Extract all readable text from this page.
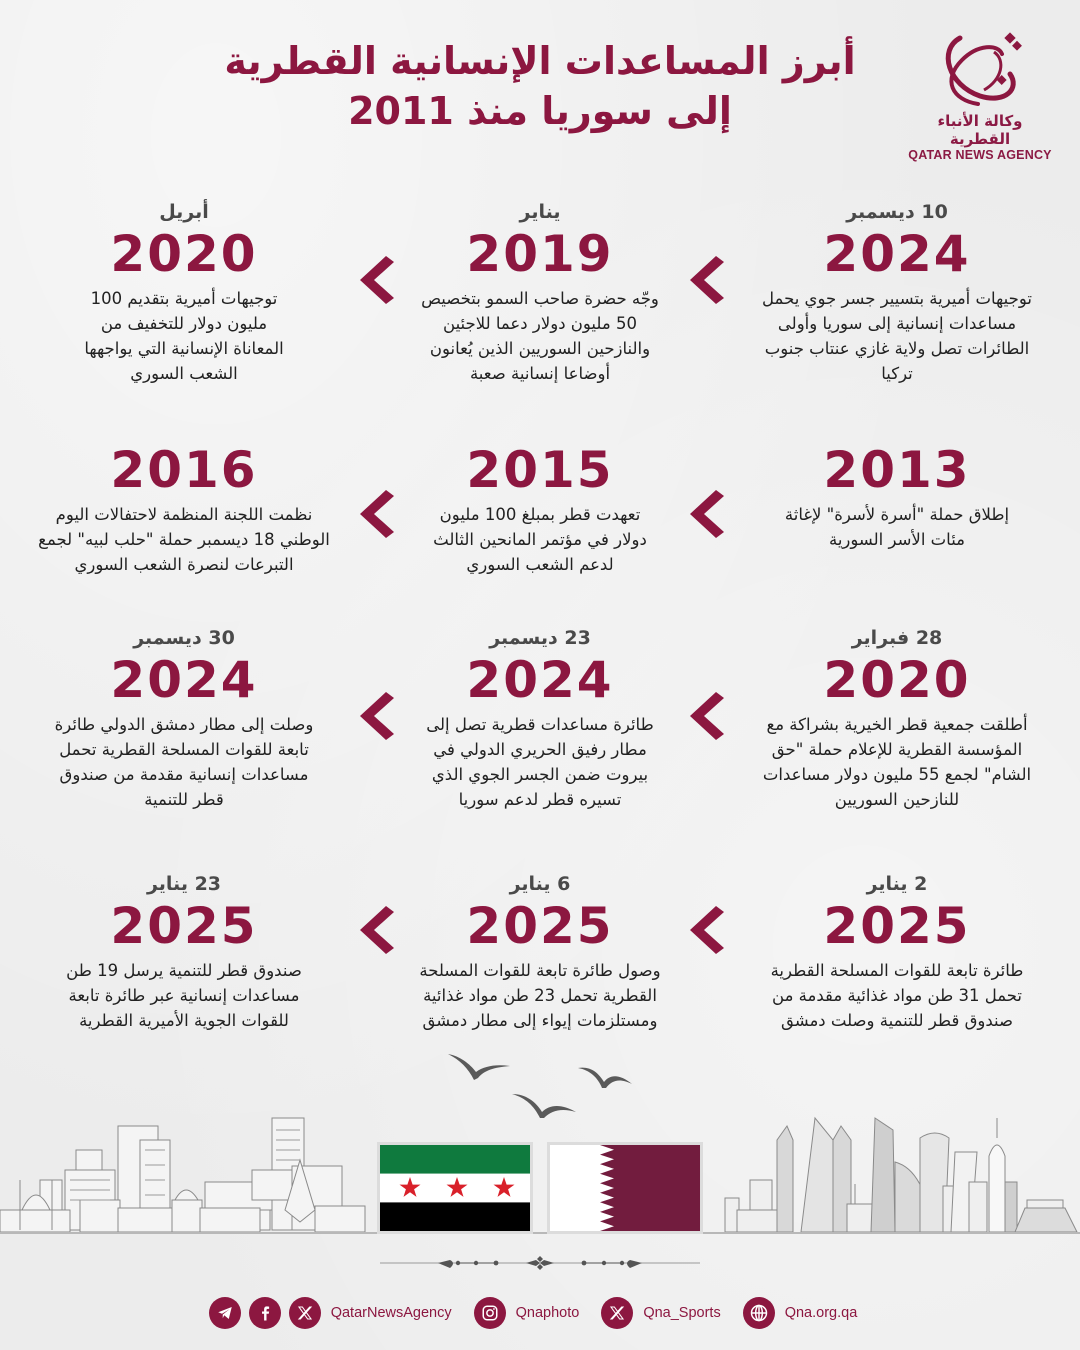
وكالة الأنباء القطرية
QATAR NEWS AGENCY
أبرز المساعدات الإنسانية القطرية
إلى سوريا منذ 2011
10 ديسمبر
2024
توجيهات أميرية بتسيير جسر جوي يحمل مساعدات إنسانية إلى سوريا وأولى الطائرات تصل ولاية غازي عنتاب جنوب تركيا
يناير
2019
وجّه حضرة صاحب السمو بتخصيص 50 مليون دولار دعما للاجئين والنازحين السوريين الذين يُعانون أوضاعا إنسانية صعبة
أبريل
2020
توجيهات أميرية بتقديم 100 مليون دولار للتخفيف من المعاناة الإنسانية التي يواجهها الشعب السوري
2013
إطلاق حملة "أسرة لأسرة" لإغاثة مئات الأسر السورية
2015
تعهدت قطر بمبلغ 100 مليون دولار في مؤتمر المانحين الثالث لدعم الشعب السوري
2016
نظمت اللجنة المنظمة لاحتفالات اليوم الوطني 18 ديسمبر حملة "حلب لبيه" لجمع التبرعات لنصرة الشعب السوري
28 فبراير
2020
أطلقت جمعية قطر الخيرية بشراكة مع المؤسسة القطرية للإعلام حملة "حق الشام" لجمع 55 مليون دولار مساعدات للنازحين السوريين
23 ديسمبر
2024
طائرة مساعدات قطرية تصل إلى مطار رفيق الحريري الدولي في بيروت ضمن الجسر الجوي الذي تسيره قطر لدعم سوريا
30 ديسمبر
2024
وصلت إلى مطار دمشق الدولي طائرة تابعة للقوات المسلحة القطرية تحمل مساعدات إنسانية مقدمة من صندوق قطر للتنمية
2 يناير
2025
طائرة تابعة للقوات المسلحة القطرية تحمل 31 طن مواد غذائية مقدمة من صندوق قطر للتنمية وصلت دمشق
6 يناير
2025
وصول طائرة تابعة للقوات المسلحة القطرية تحمل 23 طن مواد غذائية ومستلزمات إيواء إلى مطار دمشق
23 يناير
2025
صندوق قطر للتنمية يرسل 19 طن مساعدات إنسانية عبر طائرة تابعة للقوات الجوية الأميرية القطرية
QatarNewsAgency	Qnaphoto	Qna_Sports	Qna.org.qa
